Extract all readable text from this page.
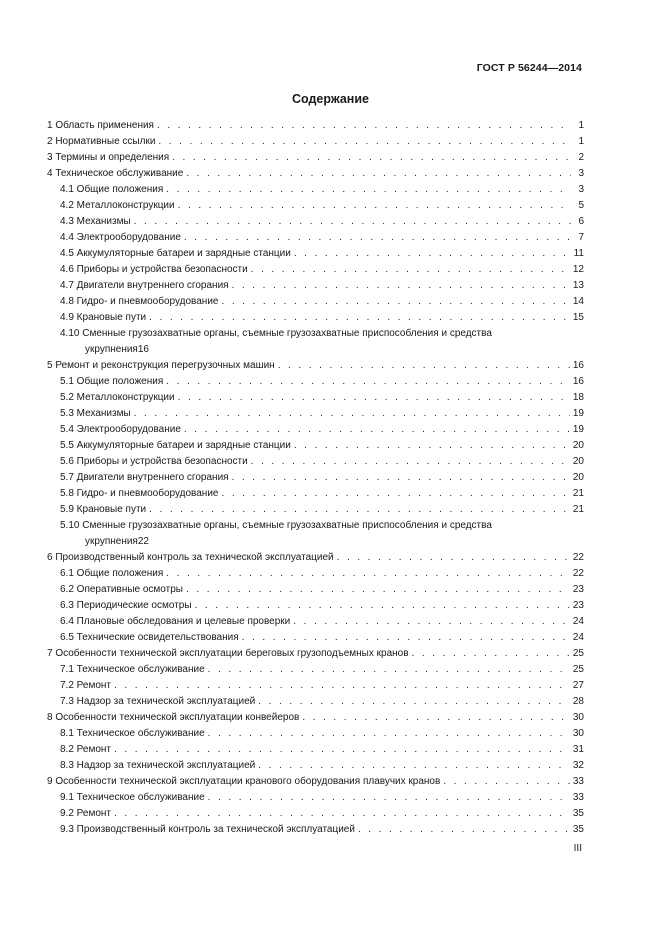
ГОСТ Р 56244—2014
Содержание
1 Область применения . . .	1
2 Нормативные ссылки . . .	1
3 Термины и определения . . .	2
4 Техническое обслуживание . . .	3
4.1 Общие положения . . .	3
4.2 Металлоконструкции . . .	5
4.3 Механизмы . . .	6
4.4 Электрооборудование . . .	7
4.5 Аккумуляторные батареи и зарядные станции . . .	11
4.6 Приборы и устройства безопасности . . .	12
4.7 Двигатели внутреннего сгорания . . .	13
4.8 Гидро- и пневмооборудование . . .	14
4.9 Крановые пути . . .	15
4.10 Сменные грузозахватные органы, съемные грузозахватные приспособления и средства
укрупнения 16
5 Ремонт и реконструкция перегрузочных машин . . .	16
5.1 Общие положения . . .	16
5.2 Металлоконструкции . . .	18
5.3 Механизмы . . .	19
5.4 Электрооборудование . . .	19
5.5 Аккумуляторные батареи и зарядные станции . . .	20
5.6 Приборы и устройства безопасности . . .	20
5.7 Двигатели внутреннего сгорания . . .	20
5.8 Гидро- и пневмооборудование . . .	21
5.9 Крановые пути . . .	21
5.10 Сменные грузозахватные органы, съемные грузозахватные приспособления и средства
укрупнения 22
6 Производственный контроль за технической эксплуатацией . . .	22
6.1 Общие положения . . .	22
6.2 Оперативные осмотры . . .	23
6.3 Периодические осмотры . . .	23
6.4 Плановые обследования и целевые проверки . . .	24
6.5 Технические освидетельствования . . .	24
7 Особенности технической эксплуатации береговых грузоподъемных кранов . . .	25
7.1 Техническое обслуживание . . .	25
7.2 Ремонт . . .	27
7.3 Надзор за технической эксплуатацией . . .	28
8 Особенности технической эксплуатации конвейеров . . .	30
8.1 Техническое обслуживание . . .	30
8.2 Ремонт . . .	31
8.3 Надзор за технической эксплуатацией . . .	32
9 Особенности технической эксплуатации кранового оборудования плавучих кранов . . .	33
9.1 Техническое обслуживание . . .	33
9.2 Ремонт . . .	35
9.3 Производственный контроль за технической эксплуатацией . . .	35
III
